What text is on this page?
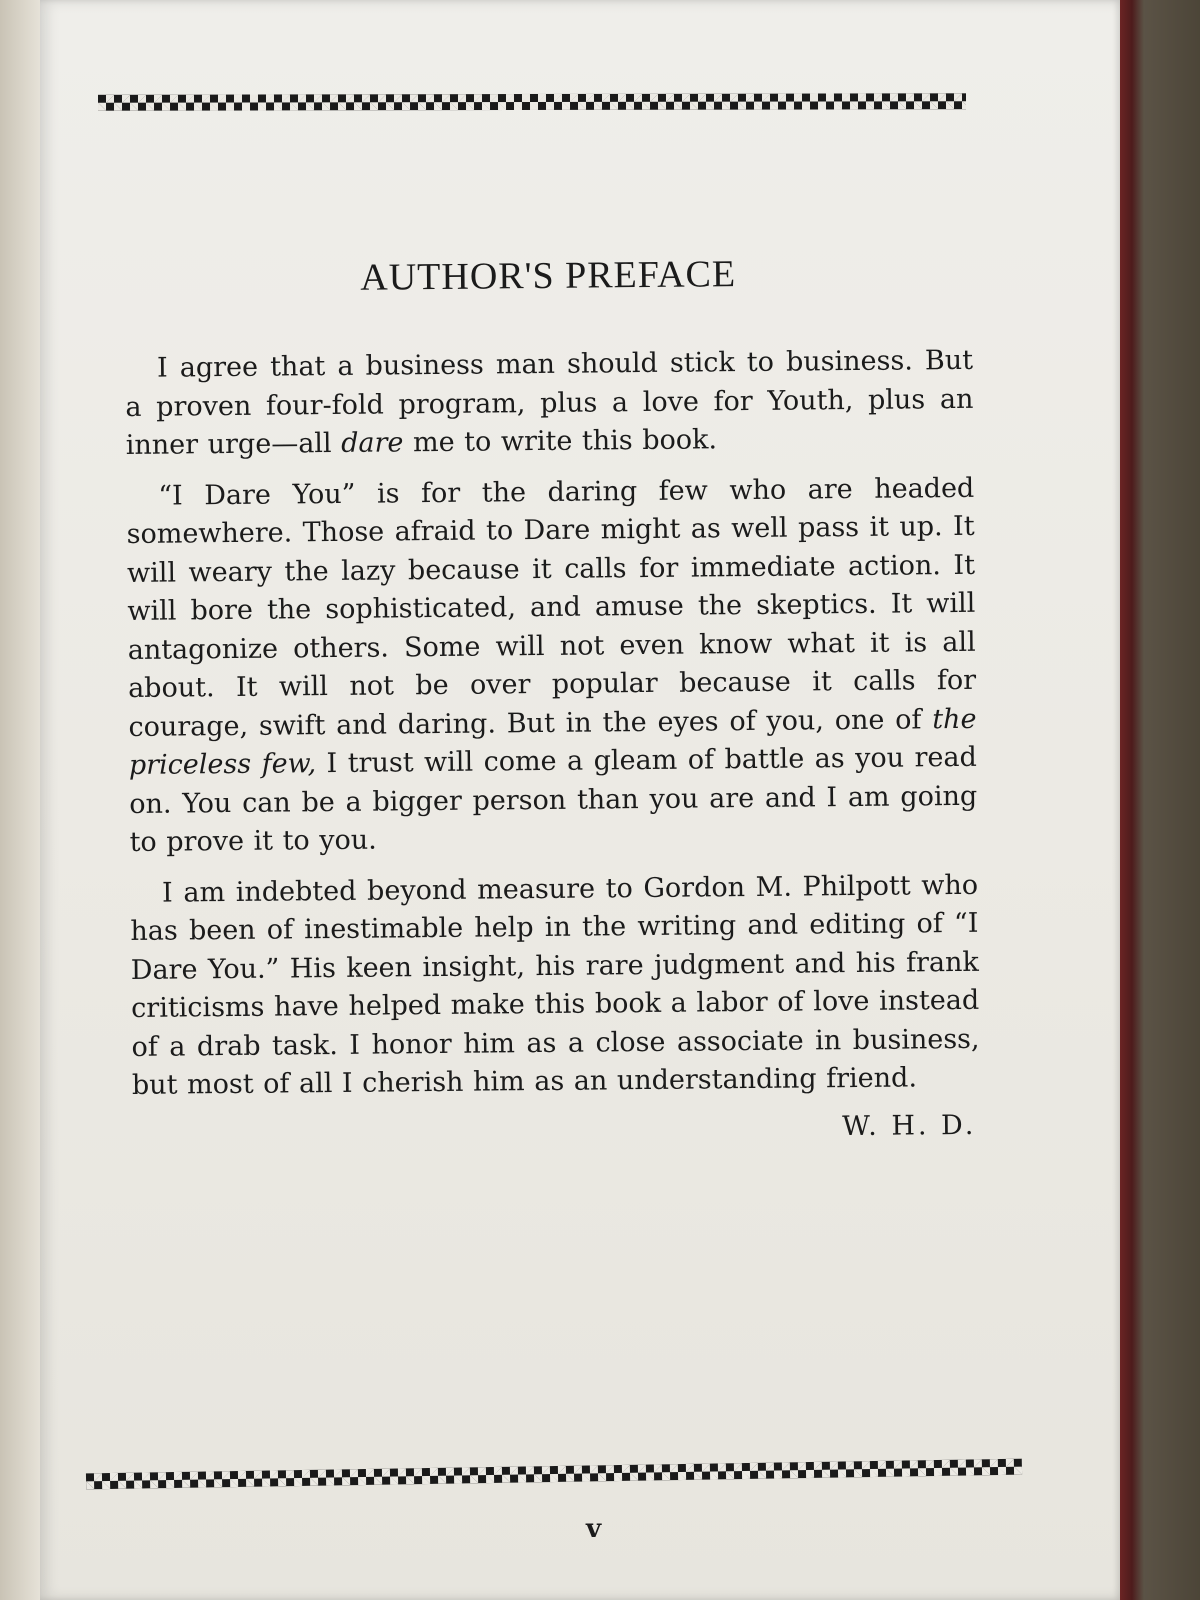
AUTHOR'S PREFACE

I agree that a business man should stick to business. But a proven four-fold program, plus a love for Youth, plus an inner urge—all dare me to write this book.

“I Dare You” is for the daring few who are headed somewhere. Those afraid to Dare might as well pass it up. It will weary the lazy because it calls for immediate action. It will bore the sophisticated, and amuse the skeptics. It will antagonize others. Some will not even know what it is all about. It will not be over popular because it calls for courage, swift and daring. But in the eyes of you, one of the priceless few, I trust will come a gleam of battle as you read on. You can be a bigger person than you are and I am going to prove it to you.

I am indebted beyond measure to Gordon M. Philpott who has been of inestimable help in the writing and editing of “I Dare You.” His keen insight, his rare judgment and his frank criticisms have helped make this book a labor of love instead of a drab task. I honor him as a close associate in business, but most of all I cherish him as an understanding friend.

W. H. D.
v
